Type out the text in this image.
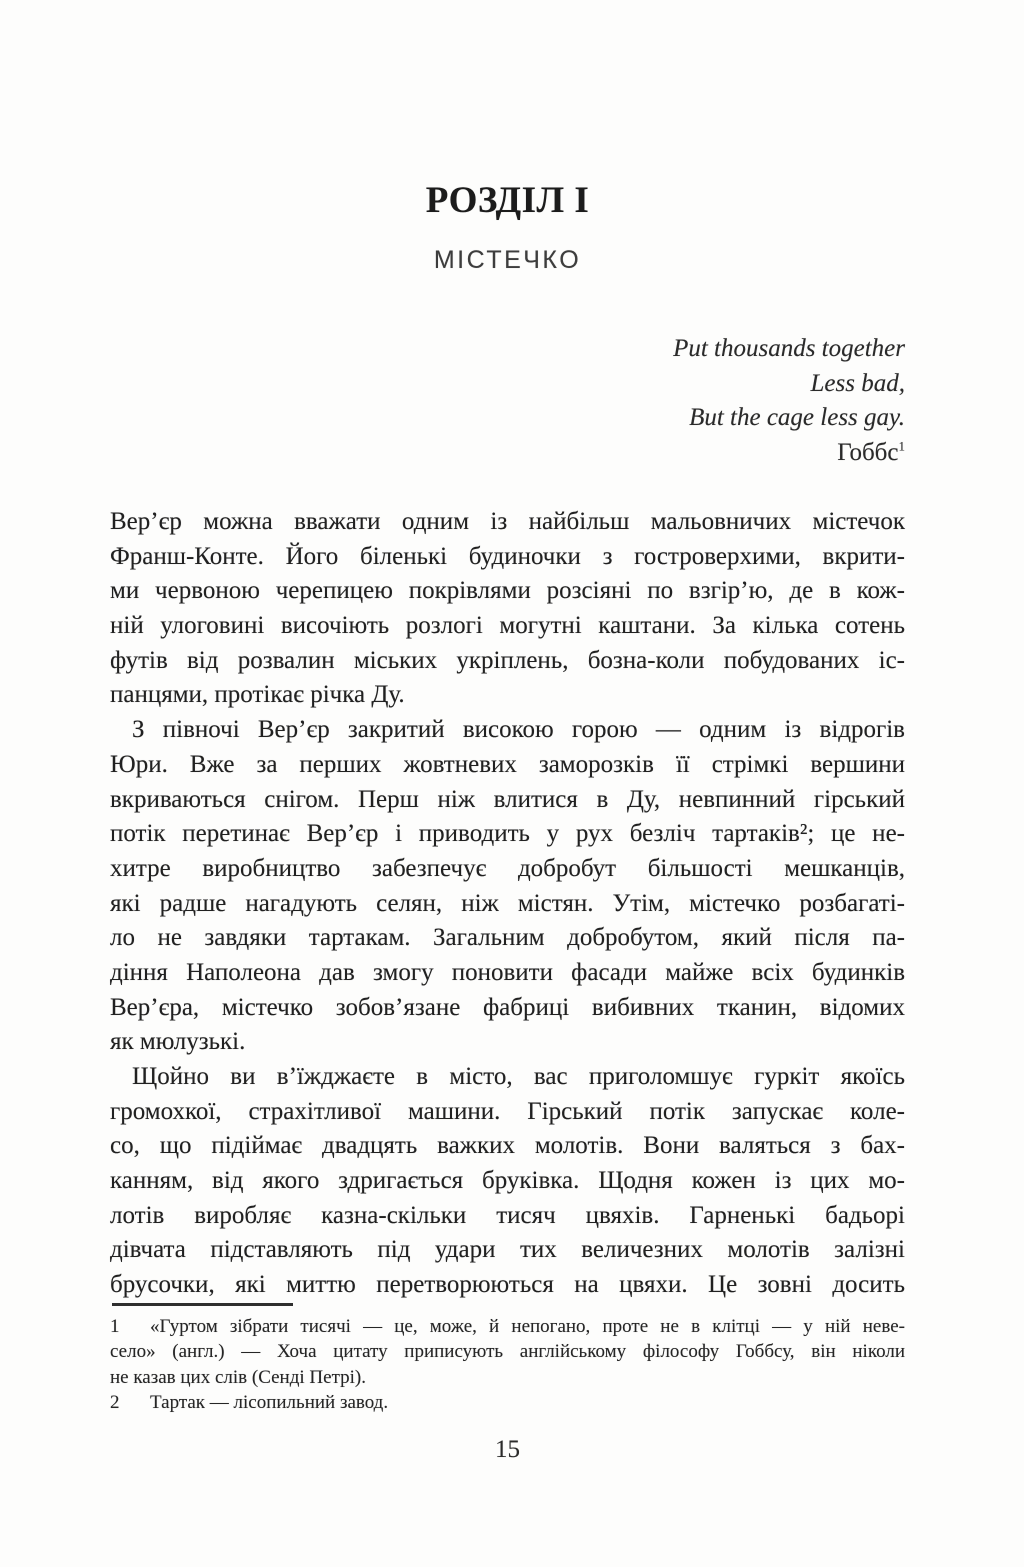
РОЗДІЛ I
МІСТЕЧКО
Put thousands together
Less bad,
But the cage less gay.
Гоббс$^1$
Вер’єр можна вважати одним із найбільш мальовничих містечок
Франш-Конте. Його біленькі будиночки з гостроверхими, вкрити-
ми червоною черепицею покрівлями розсіяні по взгір’ю, де в кож-
ній улоговині височіють розлогі могутні каштани. За кілька сотень
футів від розвалин міських укріплень, бозна-коли побудованих іс-
панцями, протікає річка Ду.
З півночі Вер’єр закритий високою горою — одним із відрогів
Юри. Вже за перших жовтневих заморозків її стрімкі вершини
вкриваються снігом. Перш ніж влитися в Ду, невпинний гірський
потік перетинає Вер’єр і приводить у рух безліч тартаків²; це не-
хитре виробництво забезпечує добробут більшості мешканців,
які радше нагадують селян, ніж містян. Утім, містечко розбагаті-
ло не завдяки тартакам. Загальним добробутом, який після па-
діння Наполеона дав змогу поновити фасади майже всіх будинків
Вер’єра, містечко зобов’язане фабриці вибивних тканин, відомих
як мюлузькі.
Щойно ви в’їжджаєте в місто, вас приголомшує гуркіт якоїсь
громохкої, страхітливої машини. Гірський потік запускає коле-
со, що підіймає двадцять важких молотів. Вони валяться з бах-
канням, від якого здригається бруківка. Щодня кожен із цих мо-
лотів виробляє казна-скільки тисяч цвяхів. Гарненькі бадьорі
дівчата підставляють під удари тих величезних молотів залізні
брусочки, які миттю перетворюються на цвяхи. Це зовні досить
1 «Гуртом зібрати тисячі — це, може, й непогано, проте не в клітці — у ній неве-
село» (англ.) — Хоча цитату приписують англійському філософу Гоббсу, він ніколи
не казав цих слів (Сенді Петрі).
2 Тартак — лісопильний завод.
15
